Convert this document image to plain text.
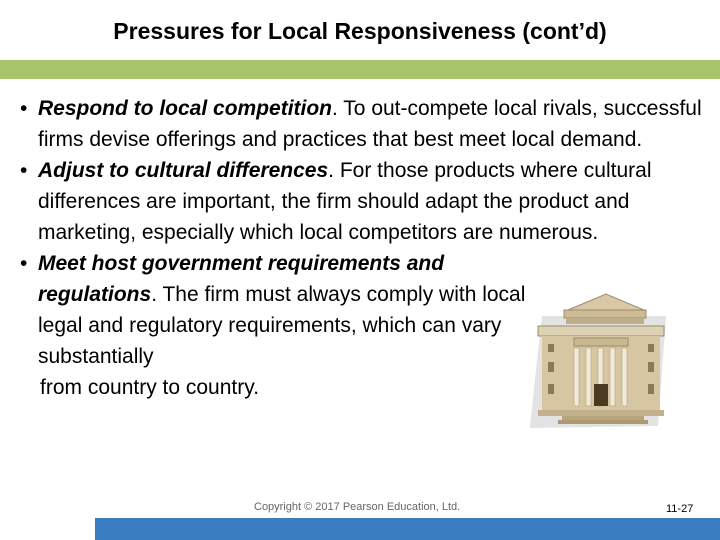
Pressures for Local Responsiveness (cont’d)
• Respond to local competition. To out-compete local rivals, successful firms devise offerings and practices that best meet local demand.
• Adjust to cultural differences. For those products where cultural differences are important, the firm should adapt the product and marketing, especially which local competitors are numerous.
• Meet host government requirements and regulations. The firm must always comply with local legal and regulatory requirements, which can vary substantially
from country to country.
Copyright © 2017 Pearson Education, Ltd.	11-27
